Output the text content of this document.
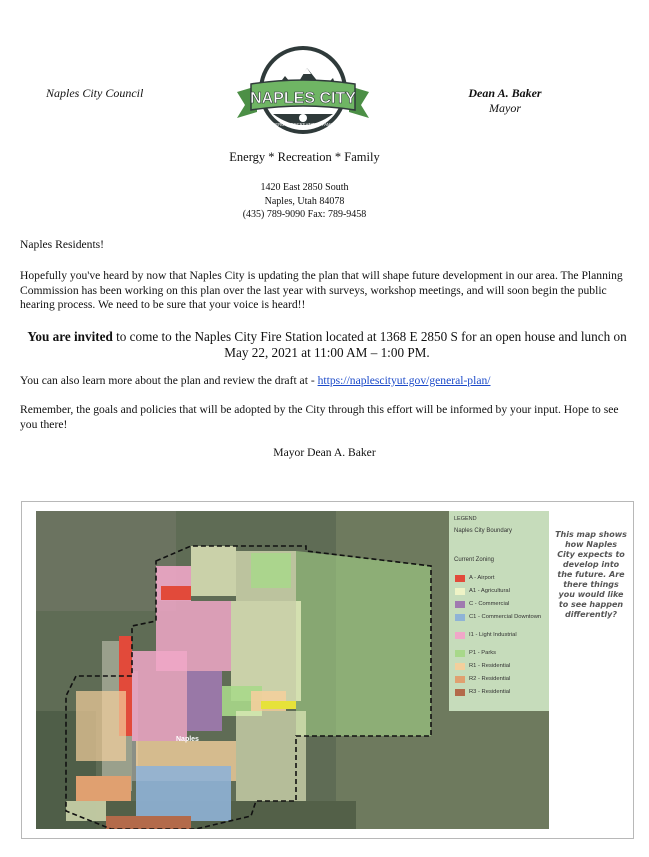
Naples City Council	Dean A. Baker
Mayor
NAPLES CITY
ENERGY • RECREATION • FAMILY
Energy * Recreation * Family
1420 East 2850 South
Naples, Utah 84078
(435) 789-9090 Fax: 789-9458
Naples Residents!
Hopefully you've heard by now that Naples City is updating the plan that will shape future development in our area. The Planning Commission has been working on this plan over the last year with surveys, workshop meetings, and will soon begin the public hearing process. We need to be sure that your voice is heard!!
You are invited to come to the Naples City Fire Station located at 1368 E 2850 S for an open house and lunch on May 22, 2021 at 11:00 AM – 1:00 PM.
You can also learn more about the plan and review the draft at - https://naplescityut.gov/general-plan/
Remember, the goals and policies that will be adopted by the City through this effort will be informed by your input. Hope to see you there!
Mayor Dean A. Baker
Naples
LEGEND
Naples City Boundary
Current Zoning
A - Airport
A1 - Agricultural
C - Commercial
C1 - Commercial Downtown
I1 - Light Industrial
P1 - Parks
R1 - Residential
R2 - Residential
R3 - Residential
This map shows how Naples City expects to develop into the future. Are there things you would like to see happen differently?
